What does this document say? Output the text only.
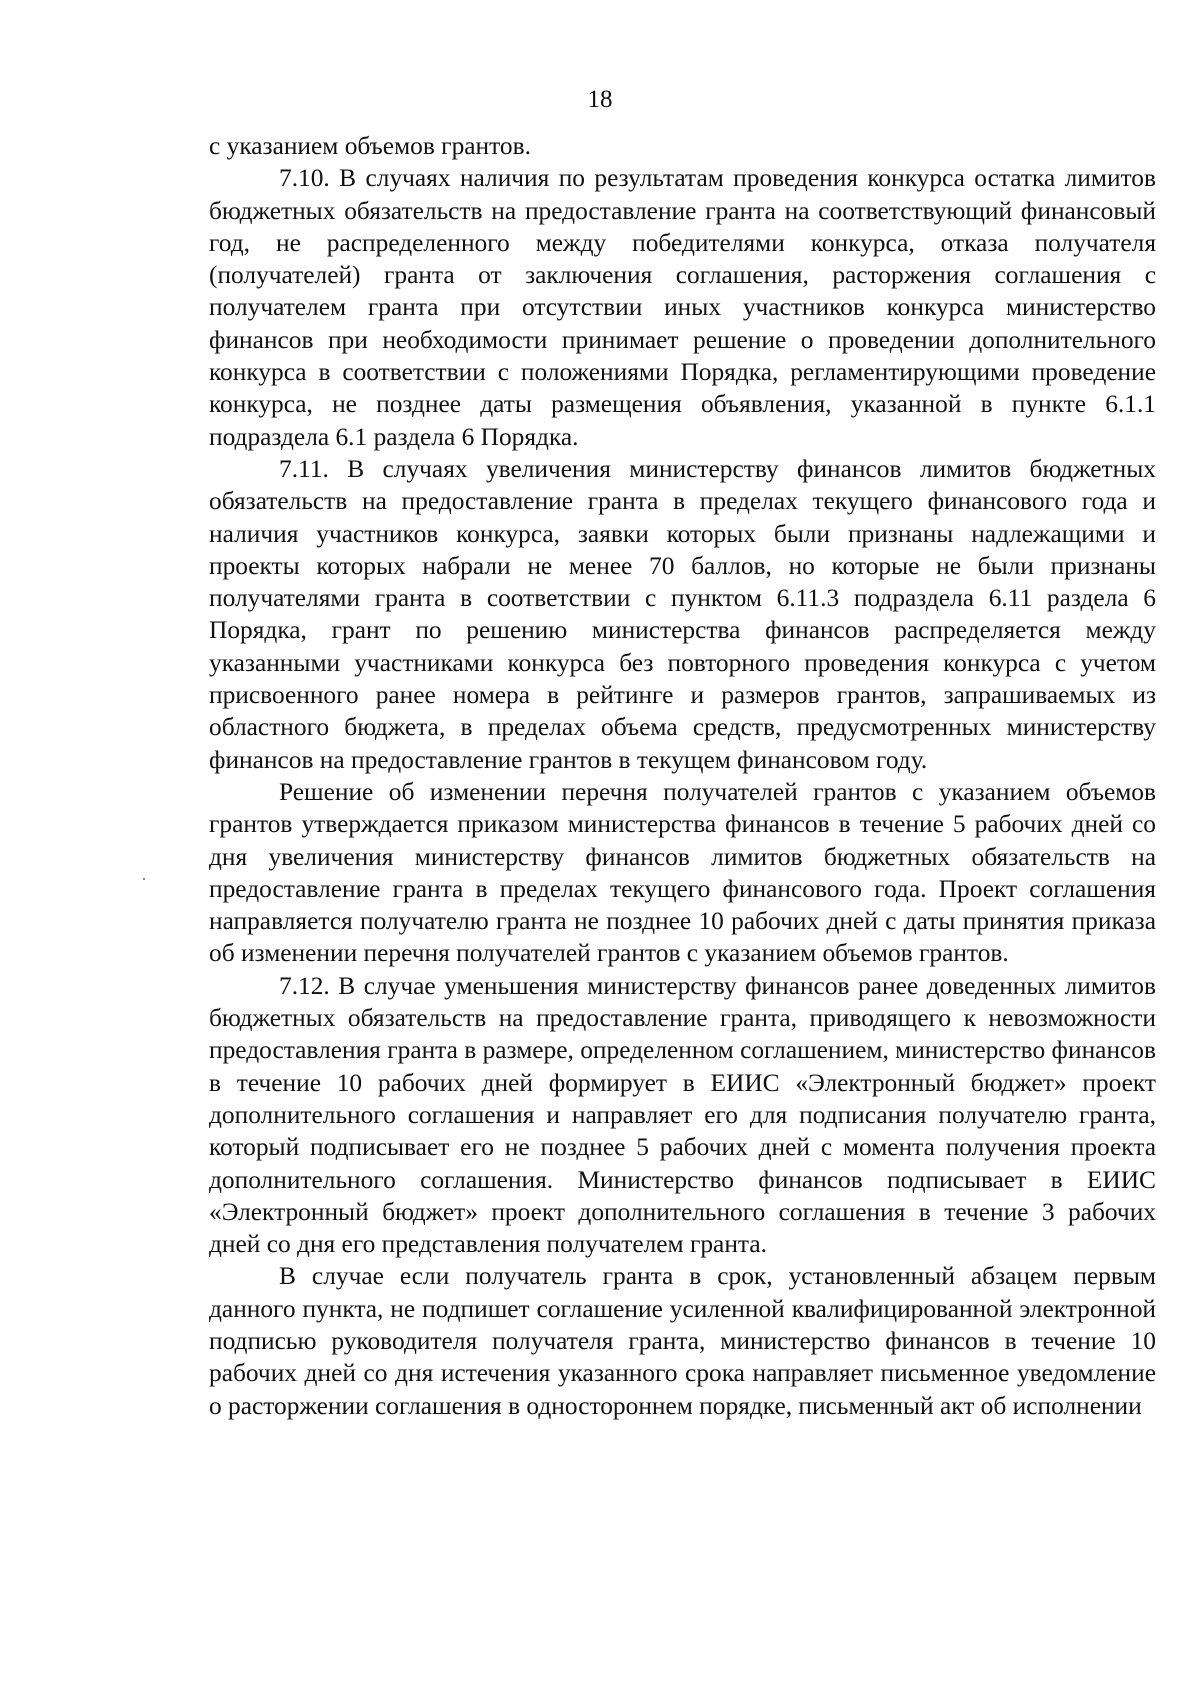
18

с указанием объемов грантов.

7.10. В случаях наличия по результатам проведения конкурса остатка лимитов бюджетных обязательств на предоставление гранта на соответствующий финансовый год, не распределенного между победителями конкурса, отказа получателя (получателей) гранта от заключения соглашения, расторжения соглашения с получателем гранта при отсутствии иных участников конкурса министерство финансов при необходимости принимает решение о проведении дополнительного конкурса в соответствии с положениями Порядка, регламентирующими проведение конкурса, не позднее даты размещения объявления, указанной в пункте 6.1.1 подраздела 6.1 раздела 6 Порядка.

7.11. В случаях увеличения министерству финансов лимитов бюджетных обязательств на предоставление гранта в пределах текущего финансового года и наличия участников конкурса, заявки которых были признаны надлежащими и проекты которых набрали не менее 70 баллов, но которые не были признаны получателями гранта в соответствии с пунктом 6.11.3 подраздела 6.11 раздела 6 Порядка, грант по решению министерства финансов распределяется между указанными участниками конкурса без повторного проведения конкурса с учетом присвоенного ранее номера в рейтинге и размеров грантов, запрашиваемых из областного бюджета, в пределах объема средств, предусмотренных министерству финансов на предоставление грантов в текущем финансовом году.

Решение об изменении перечня получателей грантов с указанием объемов грантов утверждается приказом министерства финансов в течение 5 рабочих дней со дня увеличения министерству финансов лимитов бюджетных обязательств на предоставление гранта в пределах текущего финансового года. Проект соглашения направляется получателю гранта не позднее 10 рабочих дней с даты принятия приказа об изменении перечня получателей грантов с указанием объемов грантов.

7.12. В случае уменьшения министерству финансов ранее доведенных лимитов бюджетных обязательств на предоставление гранта, приводящего к невозможности предоставления гранта в размере, определенном соглашением, министерство финансов в течение 10 рабочих дней формирует в ЕИИС «Электронный бюджет» проект дополнительного соглашения и направляет его для подписания получателю гранта, который подписывает его не позднее 5 рабочих дней с момента получения проекта дополнительного соглашения. Министерство финансов подписывает в ЕИИС «Электронный бюджет» проект дополнительного соглашения в течение 3 рабочих дней со дня его представления получателем гранта.

В случае если получатель гранта в срок, установленный абзацем первым данного пункта, не подпишет соглашение усиленной квалифицированной электронной подписью руководителя получателя гранта, министерство финансов в течение 10 рабочих дней со дня истечения указанного срока направляет письменное уведомление о расторжении соглашения в одностороннем порядке, письменный акт об исполнении
